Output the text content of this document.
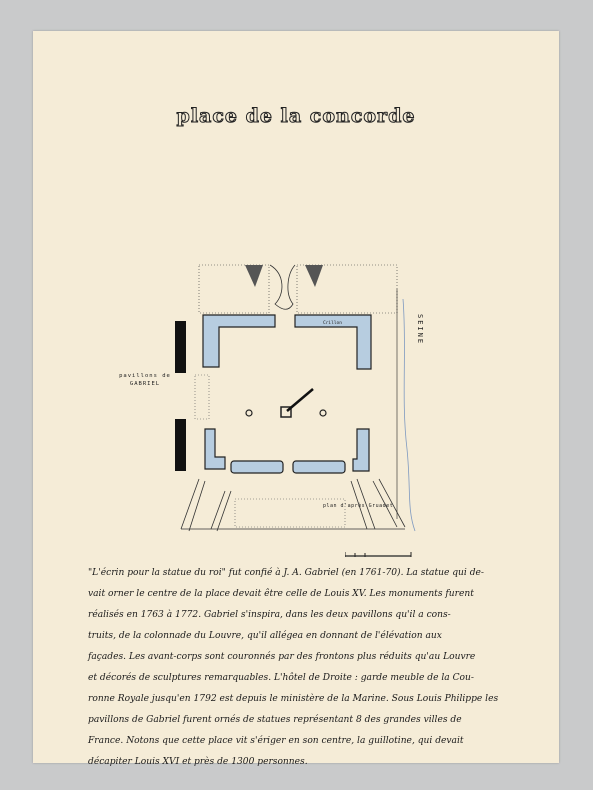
place de la concorde
Crillon	SEINE
pavillons de
GABRIEL
plan d'après Gruadet

"L'écrin pour la statue du roi" fut confié à J. A. Gabriel (en 1761-70). La statue qui de-

vait orner le centre de la place devait être celle de Louis XV. Les monuments furent

réalisés en 1763 à 1772. Gabriel s'inspira, dans les deux pavillons qu'il a cons-

truits, de la colonnade du Louvre, qu'il allégea en donnant de l'élévation aux

façades. Les avant-corps sont couronnés par des frontons plus réduits qu'au Louvre

et décorés de sculptures remarquables. L'hôtel de Droite : garde meuble de la Cou-

ronne Royale jusqu'en 1792 est depuis le ministère de la Marine. Sous Louis Philippe les

pavillons de Gabriel furent ornés de statues représentant 8 des grandes villes de

France. Notons que cette place vit s'ériger en son centre, la guillotine, qui devait

décapiter Louis XVI et près de 1300 personnes.
